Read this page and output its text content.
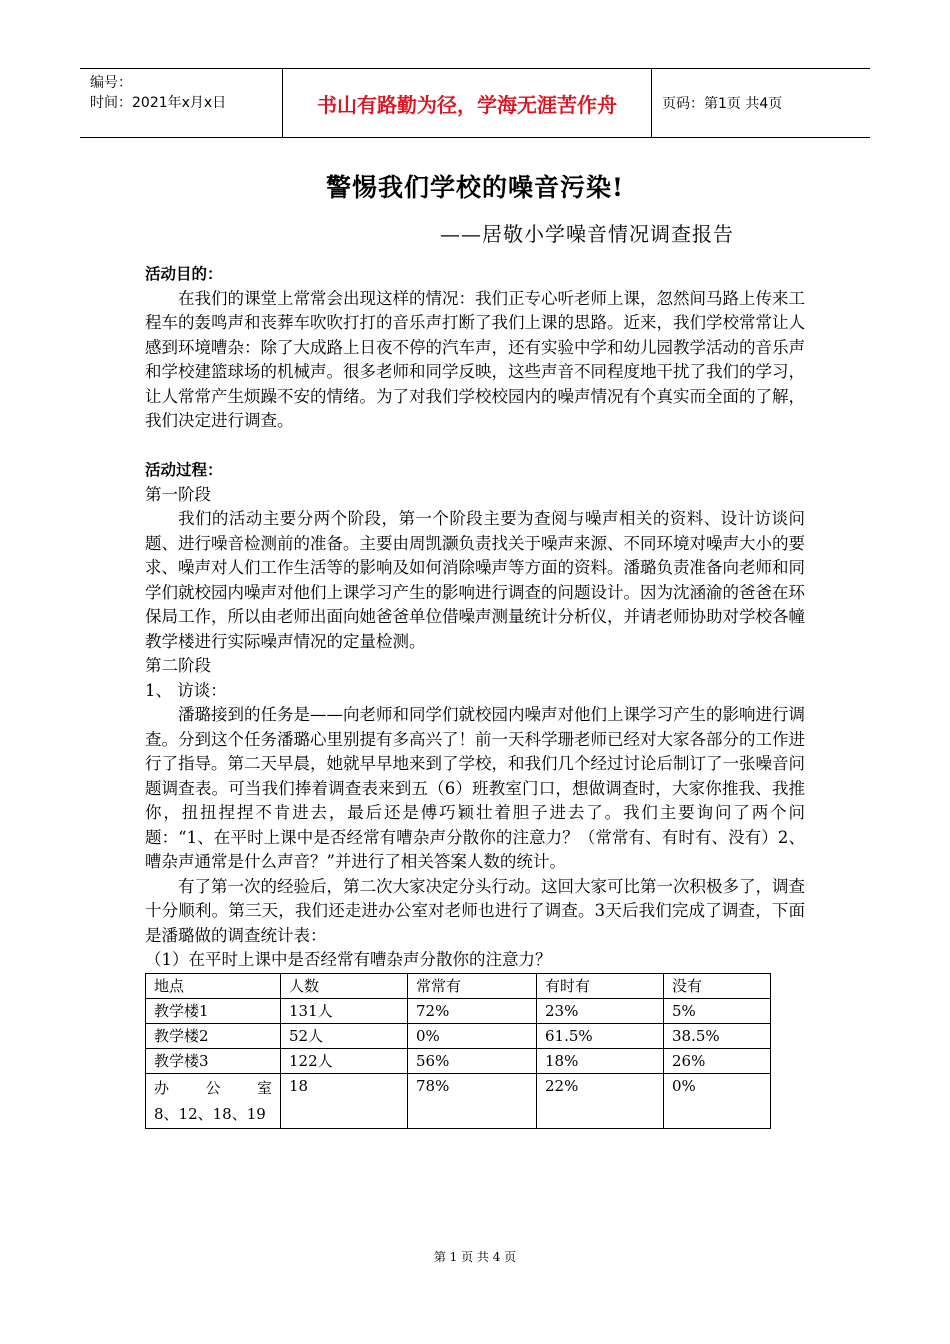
编号：
时间：2021年x月x日	书山有路勤为径，学海无涯苦作舟	页码：第1页 共4页
警惕我们学校的噪音污染!
——居敬小学噪音情况调查报告

活动目的：

在我们的课堂上常常会出现这样的情况：我们正专心听老师上课，忽然间马路上传来工程车的轰鸣声和丧葬车吹吹打打的音乐声打断了我们上课的思路。近来，我们学校常常让人感到环境嘈杂：除了大成路上日夜不停的汽车声，还有实验中学和幼儿园教学活动的音乐声和学校建篮球场的机械声。很多老师和同学反映，这些声音不同程度地干扰了我们的学习，让人常常产生烦躁不安的情绪。为了对我们学校校园内的噪声情况有个真实而全面的了解，我们决定进行调查。

活动过程：

第一阶段

我们的活动主要分两个阶段，第一个阶段主要为查阅与噪声相关的资料、设计访谈问题、进行噪音检测前的准备。主要由周凯灏负责找关于噪声来源、不同环境对噪声大小的要求、噪声对人们工作生活等的影响及如何消除噪声等方面的资料。潘璐负责准备向老师和同学们就校园内噪声对他们上课学习产生的影响进行调查的问题设计。因为沈涵渝的爸爸在环保局工作，所以由老师出面向她爸爸单位借噪声测量统计分析仪，并请老师协助对学校各幢教学楼进行实际噪声情况的定量检测。

第二阶段

1、 访谈：

潘璐接到的任务是——向老师和同学们就校园内噪声对他们上课学习产生的影响进行调查。分到这个任务潘璐心里别提有多高兴了！前一天科学珊老师已经对大家各部分的工作进行了指导。第二天早晨，她就早早地来到了学校，和我们几个经过讨论后制订了一张噪音问题调查表。可当我们捧着调查表来到五（6）班教室门口，想做调查时，大家你推我、我推你，扭扭捏捏不肯进去，最后还是傅巧颖壮着胆子进去了。我们主要询问了两个问题：“1、在平时上课中是否经常有嘈杂声分散你的注意力？（常常有、有时有、没有）2、嘈杂声通常是什么声音？”并进行了相关答案人数的统计。

有了第一次的经验后，第二次大家决定分头行动。这回大家可比第一次积极多了，调查十分顺利。第三天，我们还走进办公室对老师也进行了调查。3天后我们完成了调查，下面是潘璐做的调查统计表：

（1）在平时上课中是否经常有嘈杂声分散你的注意力？

地点	人数	常常有	有时有	没有
教学楼1	131人	72%	23%	5%
教学楼2	52人	0%	61.5%	38.5%
教学楼3	122人	56%	18%	26%

办 公 室
8、12、18、19	18	78%	22%	0%
第 1 页 共 4 页
